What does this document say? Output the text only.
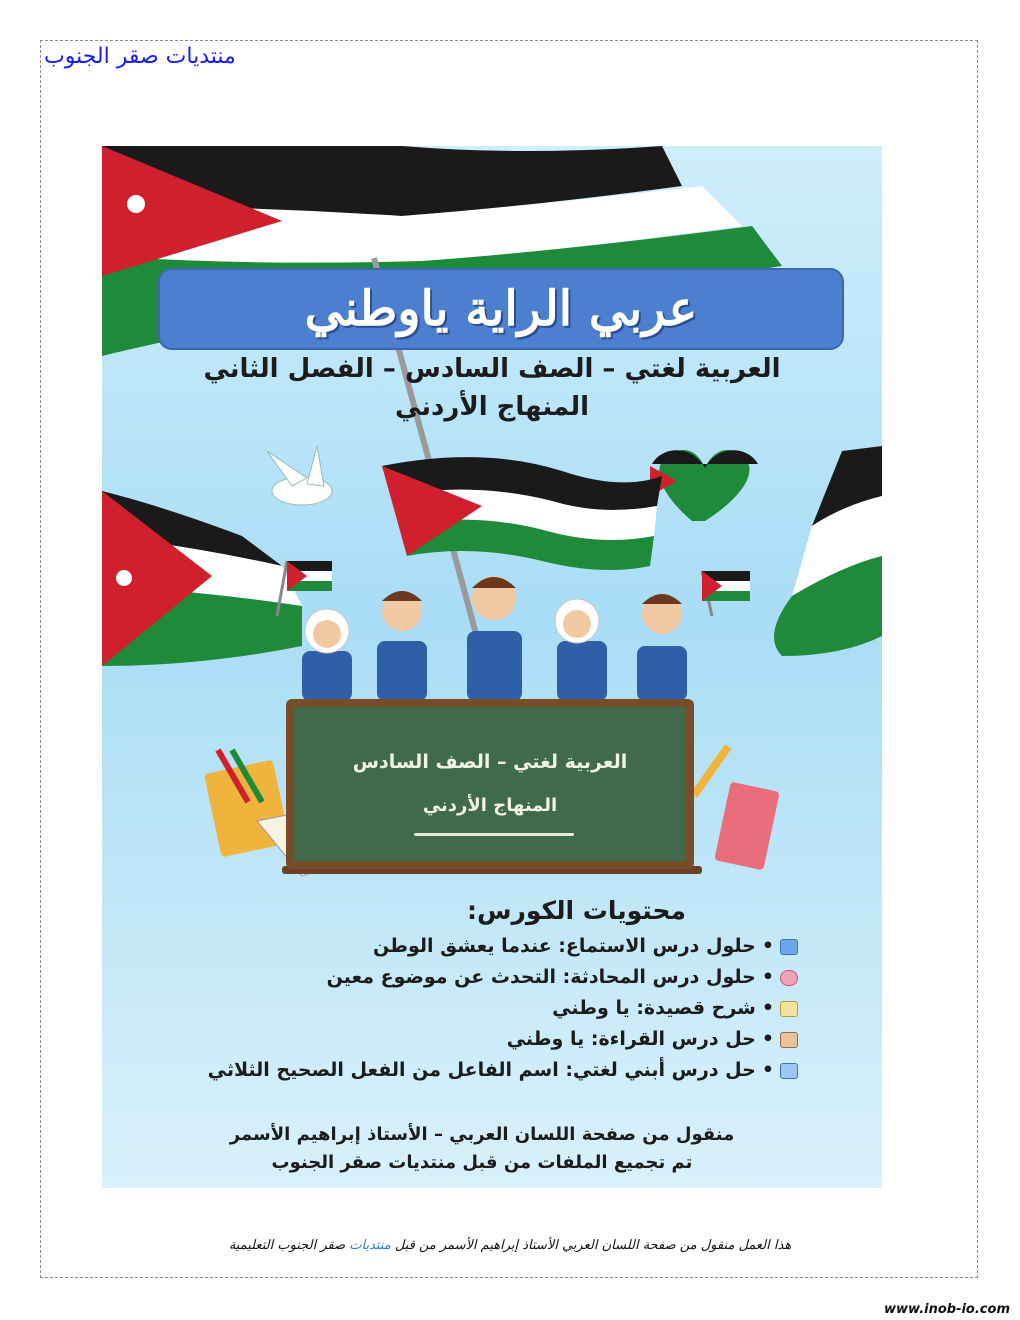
منتديات صقر الجنوب
عربي الراية ياوطني
العربية لغتي – الصف السادس – الفصل الثاني
المنهاج الأردني
العربية لغتي – الصف السادس
المنهاج الأردني
محتويات الكورس:
•
حلول درس الاستماع: عندما يعشق الوطن
•
حلول درس المحادثة: التحدث عن موضوع معين
•
شرح قصيدة: يا وطني
•
حل درس القراءة: يا وطني
•
حل درس أبني لغتي: اسم الفاعل من الفعل الصحيح الثلاثي
منقول من صفحة اللسان العربي – الأستاذ إبراهيم الأسمر
تم تجميع الملفات من قبل منتديات صقر الجنوب
هذا العمل منقول من صفحة اللسان العربي الأستاذ إبراهيم الأسمر من قبل منتديات صقر الجنوب التعليمية
www.inob-io.com
